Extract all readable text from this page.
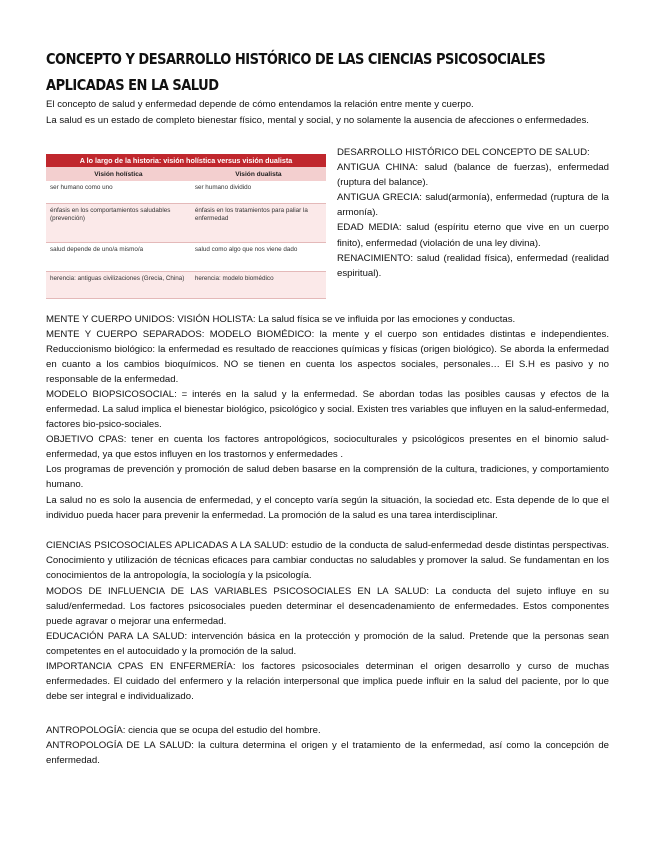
CONCEPTO Y DESARROLLO HISTÓRICO DE LAS CIENCIAS PSICOSOCIALES APLICADAS EN LA SALUD

El concepto de salud y enfermedad depende de cómo entendamos la relación entre mente y cuerpo.

La salud es un estado de completo bienestar físico, mental y social, y no solamente la ausencia de afecciones o enfermedades.

A lo largo de la historia: visión holística versus visión dualista	
Visión holística	Visión dualista
ser humano como uno	ser humano dividido
énfasis en los comportamientos saludables (prevención)	énfasis en los tratamientos para paliar la enfermedad
salud depende de uno/a mismo/a	salud como algo que nos viene dado
herencia: antiguas civilizaciones (Grecia, China)	herencia: modelo biomédico

DESARROLLO HISTÓRICO DEL CONCEPTO DE SALUD:

ANTIGUA CHINA: salud (balance de fuerzas), enfermedad (ruptura del balance).

ANTIGUA GRECIA: salud(armonía), enfermedad (ruptura de la armonía).

EDAD MEDIA: salud (espíritu eterno que vive en un cuerpo finito), enfermedad (violación de una ley divina).

RENACIMIENTO: salud (realidad física), enfermedad (realidad espiritual).

MENTE Y CUERPO UNIDOS: VISIÓN HOLISTA: La salud física se ve influida por las emociones y conductas.

MENTE Y CUERPO SEPARADOS: MODELO BIOMÉDICO: la mente y el cuerpo son entidades distintas e independientes. Reduccionismo biológico: la enfermedad es resultado de reacciones químicas y físicas (origen biológico). Se aborda la enfermedad en cuanto a los cambios bioquímicos. NO se tienen en cuenta los aspectos sociales, personales… El S.H es pasivo y no responsable de la enfermedad.

MODELO BIOPSICOSOCIAL: = interés en la salud y la enfermedad. Se abordan todas las posibles causas y efectos de la enfermedad. La salud implica el bienestar biológico, psicológico y social. Existen tres variables que influyen en la salud-enfermedad, factores bio-psico-sociales.

OBJETIVO CPAS: tener en cuenta los factores antropológicos, socioculturales y psicológicos presentes en el binomio salud-enfermedad, ya que estos influyen en los trastornos y enfermedades .

Los programas de prevención y promoción de salud deben basarse en la comprensión de la cultura, tradiciones, y comportamiento humano.

La salud no es solo la ausencia de enfermedad, y el concepto varía según la situación, la sociedad etc. Esta depende de lo que el individuo pueda hacer para prevenir la enfermedad. La promoción de la salud es una tarea interdisciplinar.

CIENCIAS PSICOSOCIALES APLICADAS A LA SALUD: estudio de la conducta de salud-enfermedad desde distintas perspectivas. Conocimiento y utilización de técnicas eficaces para cambiar conductas no saludables y promover la salud. Se fundamentan en los conocimientos de la antropología, la sociología y la psicología.

MODOS DE INFLUENCIA DE LAS VARIABLES PSICOSOCIALES EN LA SALUD: La conducta del sujeto influye en su salud/enfermedad. Los factores psicosociales pueden determinar el desencadenamiento de enfermedades. Estos componentes puede agravar o mejorar una enfermedad.

EDUCACIÓN PARA LA SALUD: intervención básica en la protección y promoción de la salud. Pretende que la personas sean competentes en el autocuidado y la promoción de la salud.

IMPORTANCIA CPAS EN ENFERMERÍA: los factores psicosociales determinan el origen desarrollo y curso de muchas enfermedades. El cuidado del enfermero y la relación interpersonal que implica puede influir en la salud del paciente, por lo que debe ser integral e individualizado.

ANTROPOLOGÍA: ciencia que se ocupa del estudio del hombre.

ANTROPOLOGÍA DE LA SALUD: la cultura determina el origen y el tratamiento de la enfermedad, así como la concepción de enfermedad.
